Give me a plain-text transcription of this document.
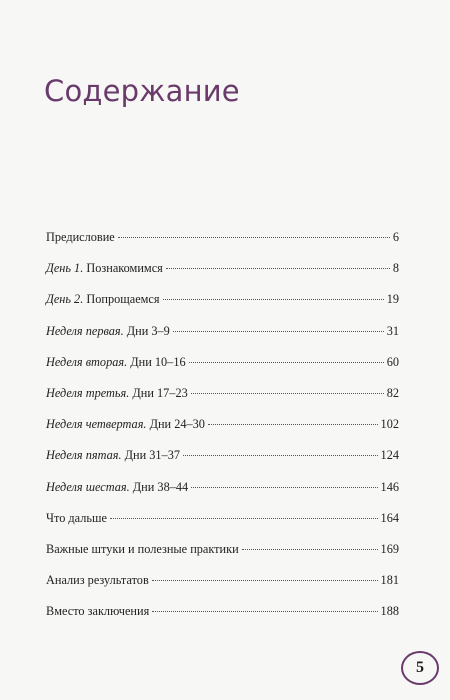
Содержание
Предисловие	6
День 1. Познакомимся	8
День 2. Попрощаемся	19
Неделя первая. Дни 3–9	31
Неделя вторая. Дни 10–16	60
Неделя третья. Дни 17–23	82
Неделя четвертая. Дни 24–30	102
Неделя пятая. Дни 31–37	124
Неделя шестая. Дни 38–44	146
Что дальше	164
Важные штуки и полезные практики	169
Анализ результатов	181
Вместо заключения	188
5
